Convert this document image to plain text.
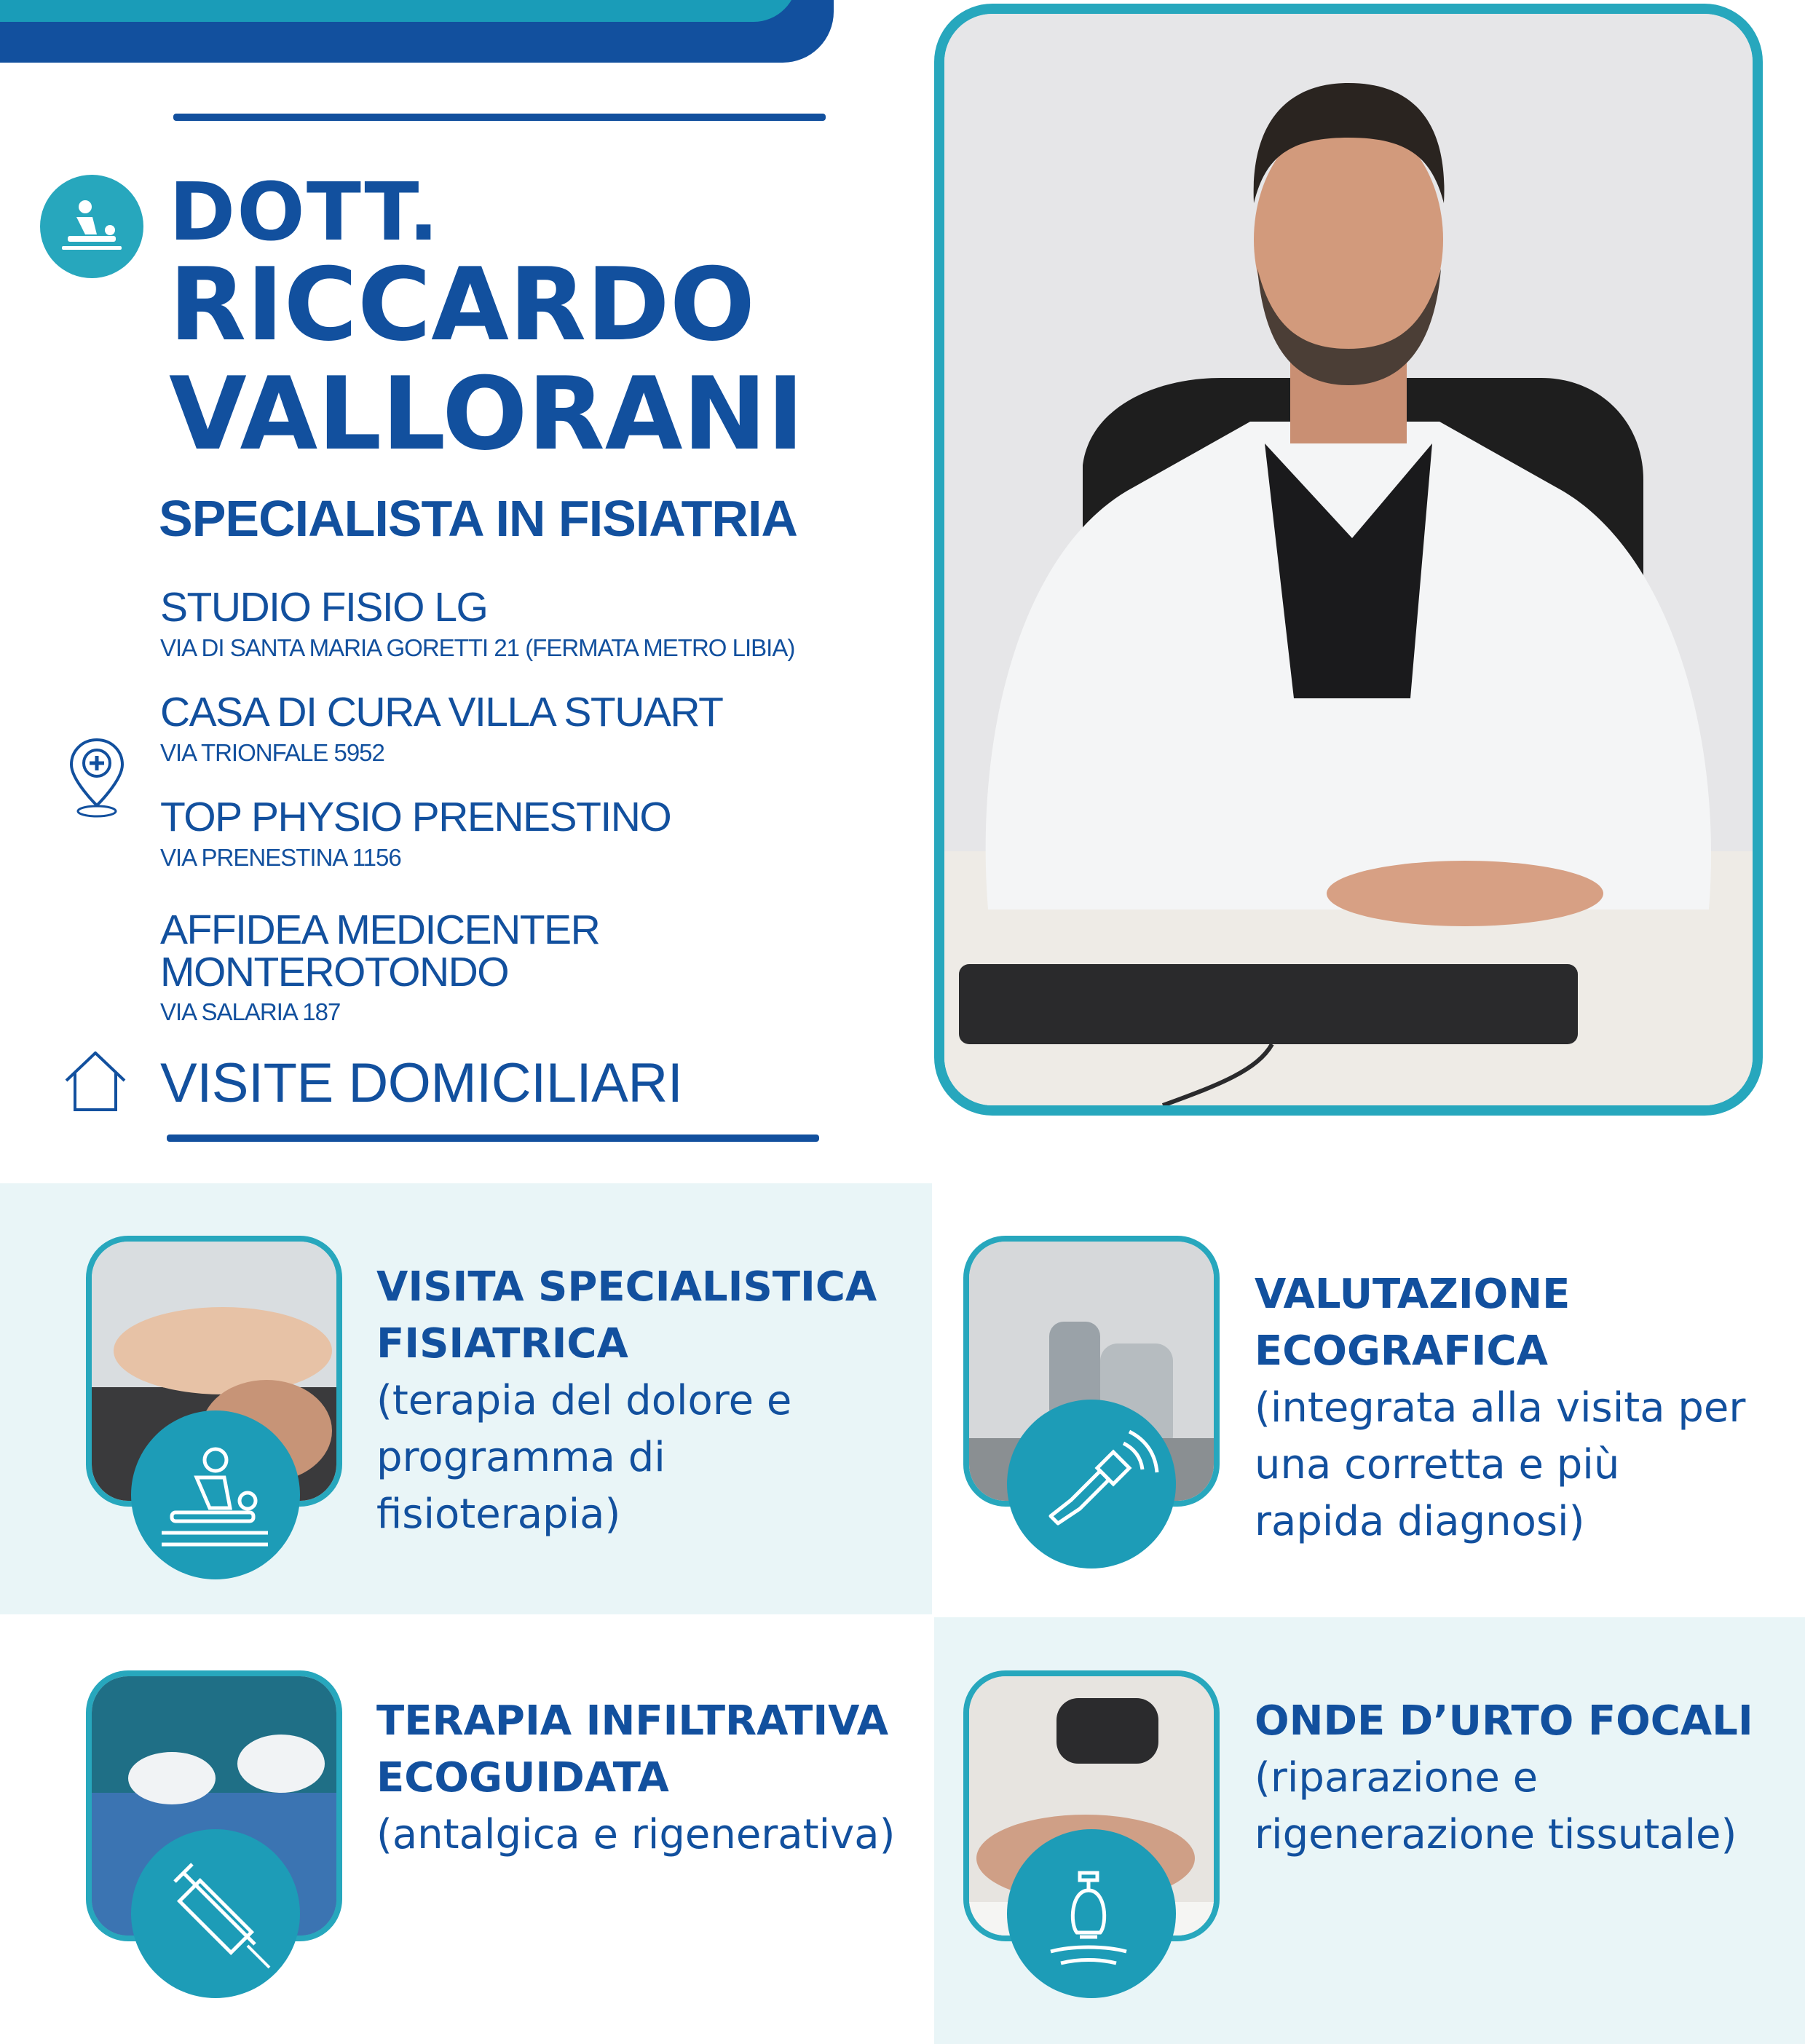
DOTT.
RICCARDO
VALLORANI
SPECIALISTA IN FISIATRIA
STUDIO FISIO LG
VIA DI SANTA MARIA GORETTI 21 (FERMATA METRO LIBIA)
CASA DI CURA VILLA STUART
VIA TRIONFALE 5952
TOP PHYSIO PRENESTINO
VIA PRENESTINA 1156
AFFIDEA MEDICENTER
MONTEROTONDO
VIA SALARIA 187
VISITE DOMICILIARI
VISITA SPECIALISTICA
FISIATRICA
(terapia del dolore e
programma di
fisioterapia)
VALUTAZIONE
ECOGRAFICA
(integrata alla visita per
una corretta e più
rapida diagnosi)
TERAPIA INFILTRATIVA
ECOGUIDATA
(antalgica e rigenerativa)
ONDE D’URTO FOCALI
(riparazione e
rigenerazione tissutale)
